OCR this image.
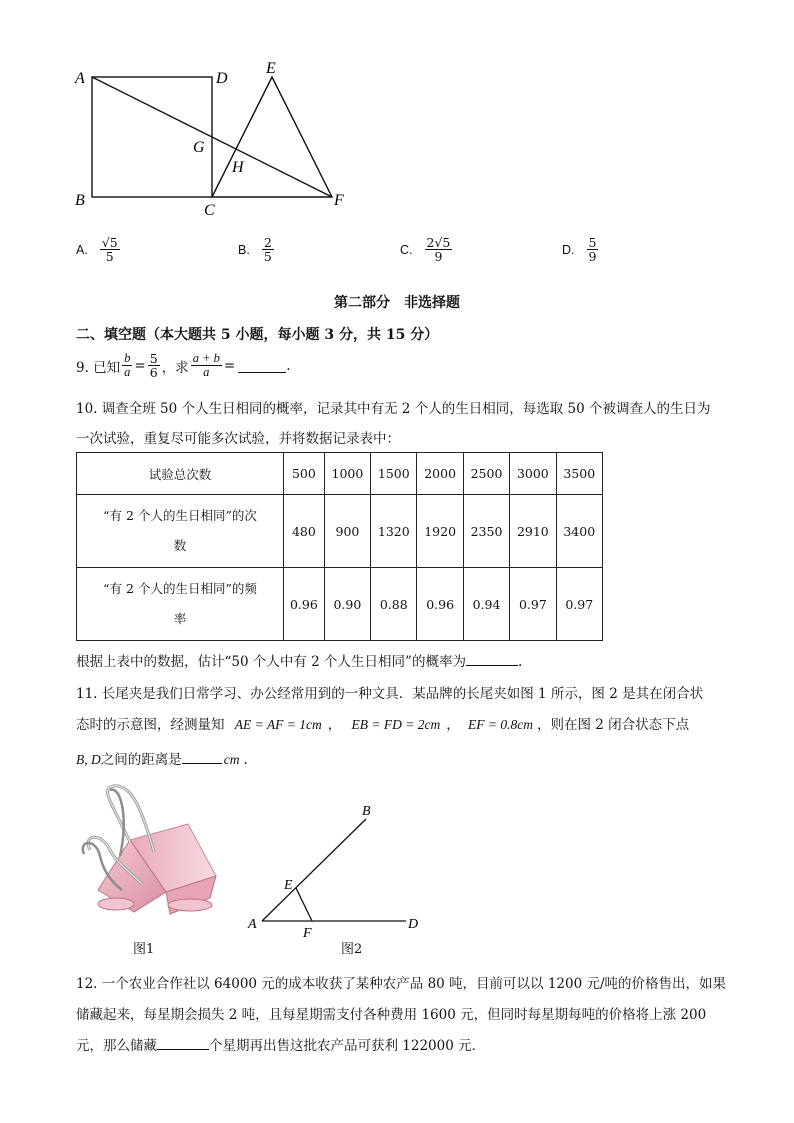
A	D
E
G
H
B
C
F
A. $\frac{√5}{5}$	B. $\frac{2}{5}$	C. $\frac{2√5}{9}$	D. $\frac{5}{9}$
第二部分　非选择题
二、填空题（本大题共 5 小题，每小题 3 分，共 15 分）
9. 已知 $\frac{b}{a} = \frac{5}{6}$ ，求 $\frac{a + b}{a}$ =	.
10. 调查全班 50 个人生日相同的概率，记录其中有无 2 个人的生日相同，每选取 50 个被调查人的生日为
一次试验，重复尽可能多次试验，并将数据记录表中：
试验总次数	500	1000	1500	2000	2500	3000	3500

“有 2 个人的生日相同”的次
数	480	900	1320	1920	2350	2910	3400

“有 2 个人的生日相同”的频
率	0.96	0.90	0.88	0.96	0.94	0.97	0.97
根据上表中的数据，估计“50 个人中有 2 个人生日相同”的概率为	.
11. 长尾夹是我们日常学习、办公经常用到的一种文具．某品牌的长尾夹如图 1 所示，图 2 是其在闭合状
态时的示意图，经测量知 AE = AF = 1cm ， EB = FD = 2cm ， EF = 0.8cm ，则在图 2 闭合状态下点
B, D之间的距离是	cm .
图1
B
E
A
F
D
图2
12. 一个农业合作社以 64000 元的成本收获了某种农产品 80 吨，目前可以以 1200 元/吨的价格售出，如果
储藏起来，每星期会损失 2 吨，且每星期需支付各种费用 1600 元，但同时每星期每吨的价格将上涨 200
元，那么储藏	个星期再出售这批农产品可获利 122000 元．
